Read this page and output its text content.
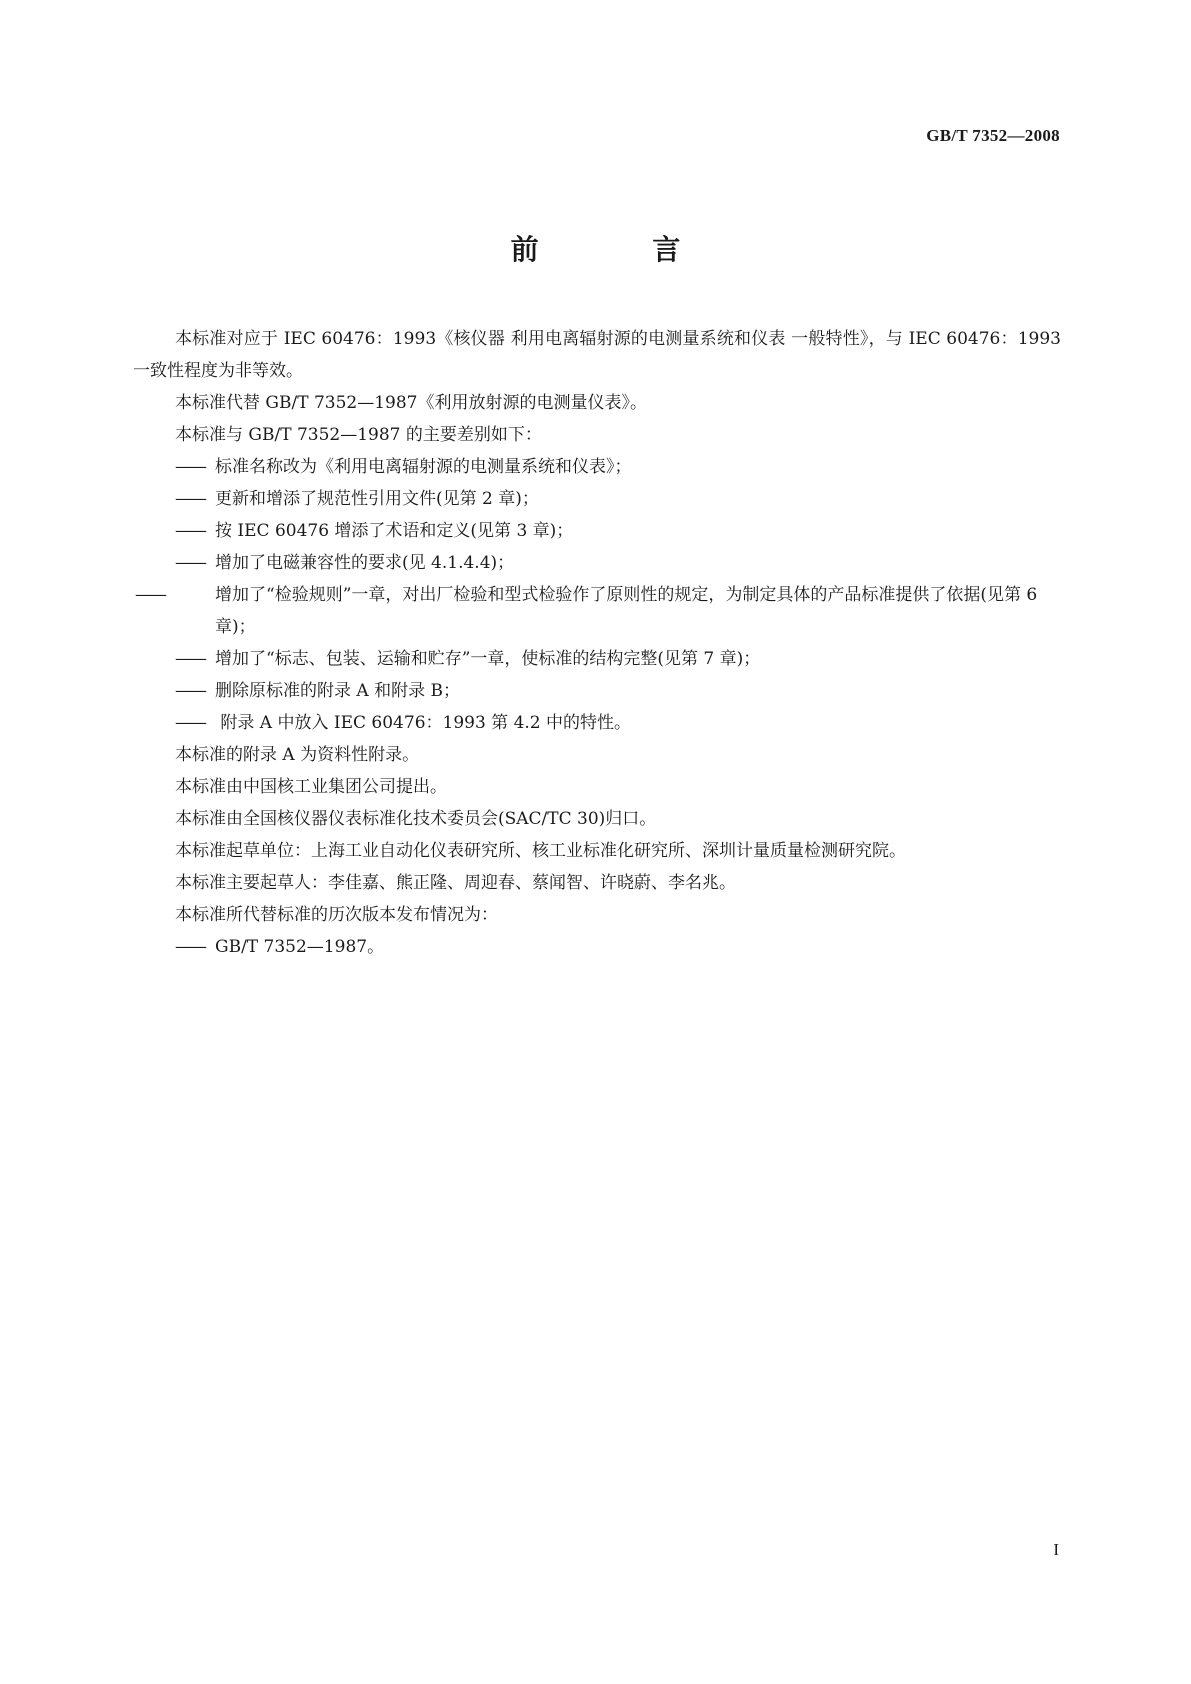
GB/T 7352—2008
前 言

本标准对应于 IEC 60476：1993《核仪器 利用电离辐射源的电测量系统和仪表 一般特性》，与 IEC 60476：1993 一致性程度为非等效。

本标准代替 GB/T 7352—1987《利用放射源的电测量仪表》。

本标准与 GB/T 7352—1987 的主要差别如下：

—— 标准名称改为《利用电离辐射源的电测量系统和仪表》；

—— 更新和增添了规范性引用文件(见第 2 章)；

—— 按 IEC 60476 增添了术语和定义(见第 3 章)；

—— 增加了电磁兼容性的要求(见 4.1.4.4)；

——	增加了“检验规则”一章，对出厂检验和型式检验作了原则性的规定，为制定具体的产品标准提供了依据(见第 6 章)；

—— 增加了“标志、包装、运输和贮存”一章，使标准的结构完整(见第 7 章)；

—— 删除原标准的附录 A 和附录 B；

—— 附录 A 中放入 IEC 60476：1993 第 4.2 中的特性。

本标准的附录 A 为资料性附录。

本标准由中国核工业集团公司提出。

本标准由全国核仪器仪表标准化技术委员会(SAC/TC 30)归口。

本标准起草单位：上海工业自动化仪表研究所、核工业标准化研究所、深圳计量质量检测研究院。

本标准主要起草人：李佳嘉、熊正隆、周迎春、蔡闻智、许晓蔚、李名兆。

本标准所代替标准的历次版本发布情况为：

—— GB/T 7352—1987。

I
